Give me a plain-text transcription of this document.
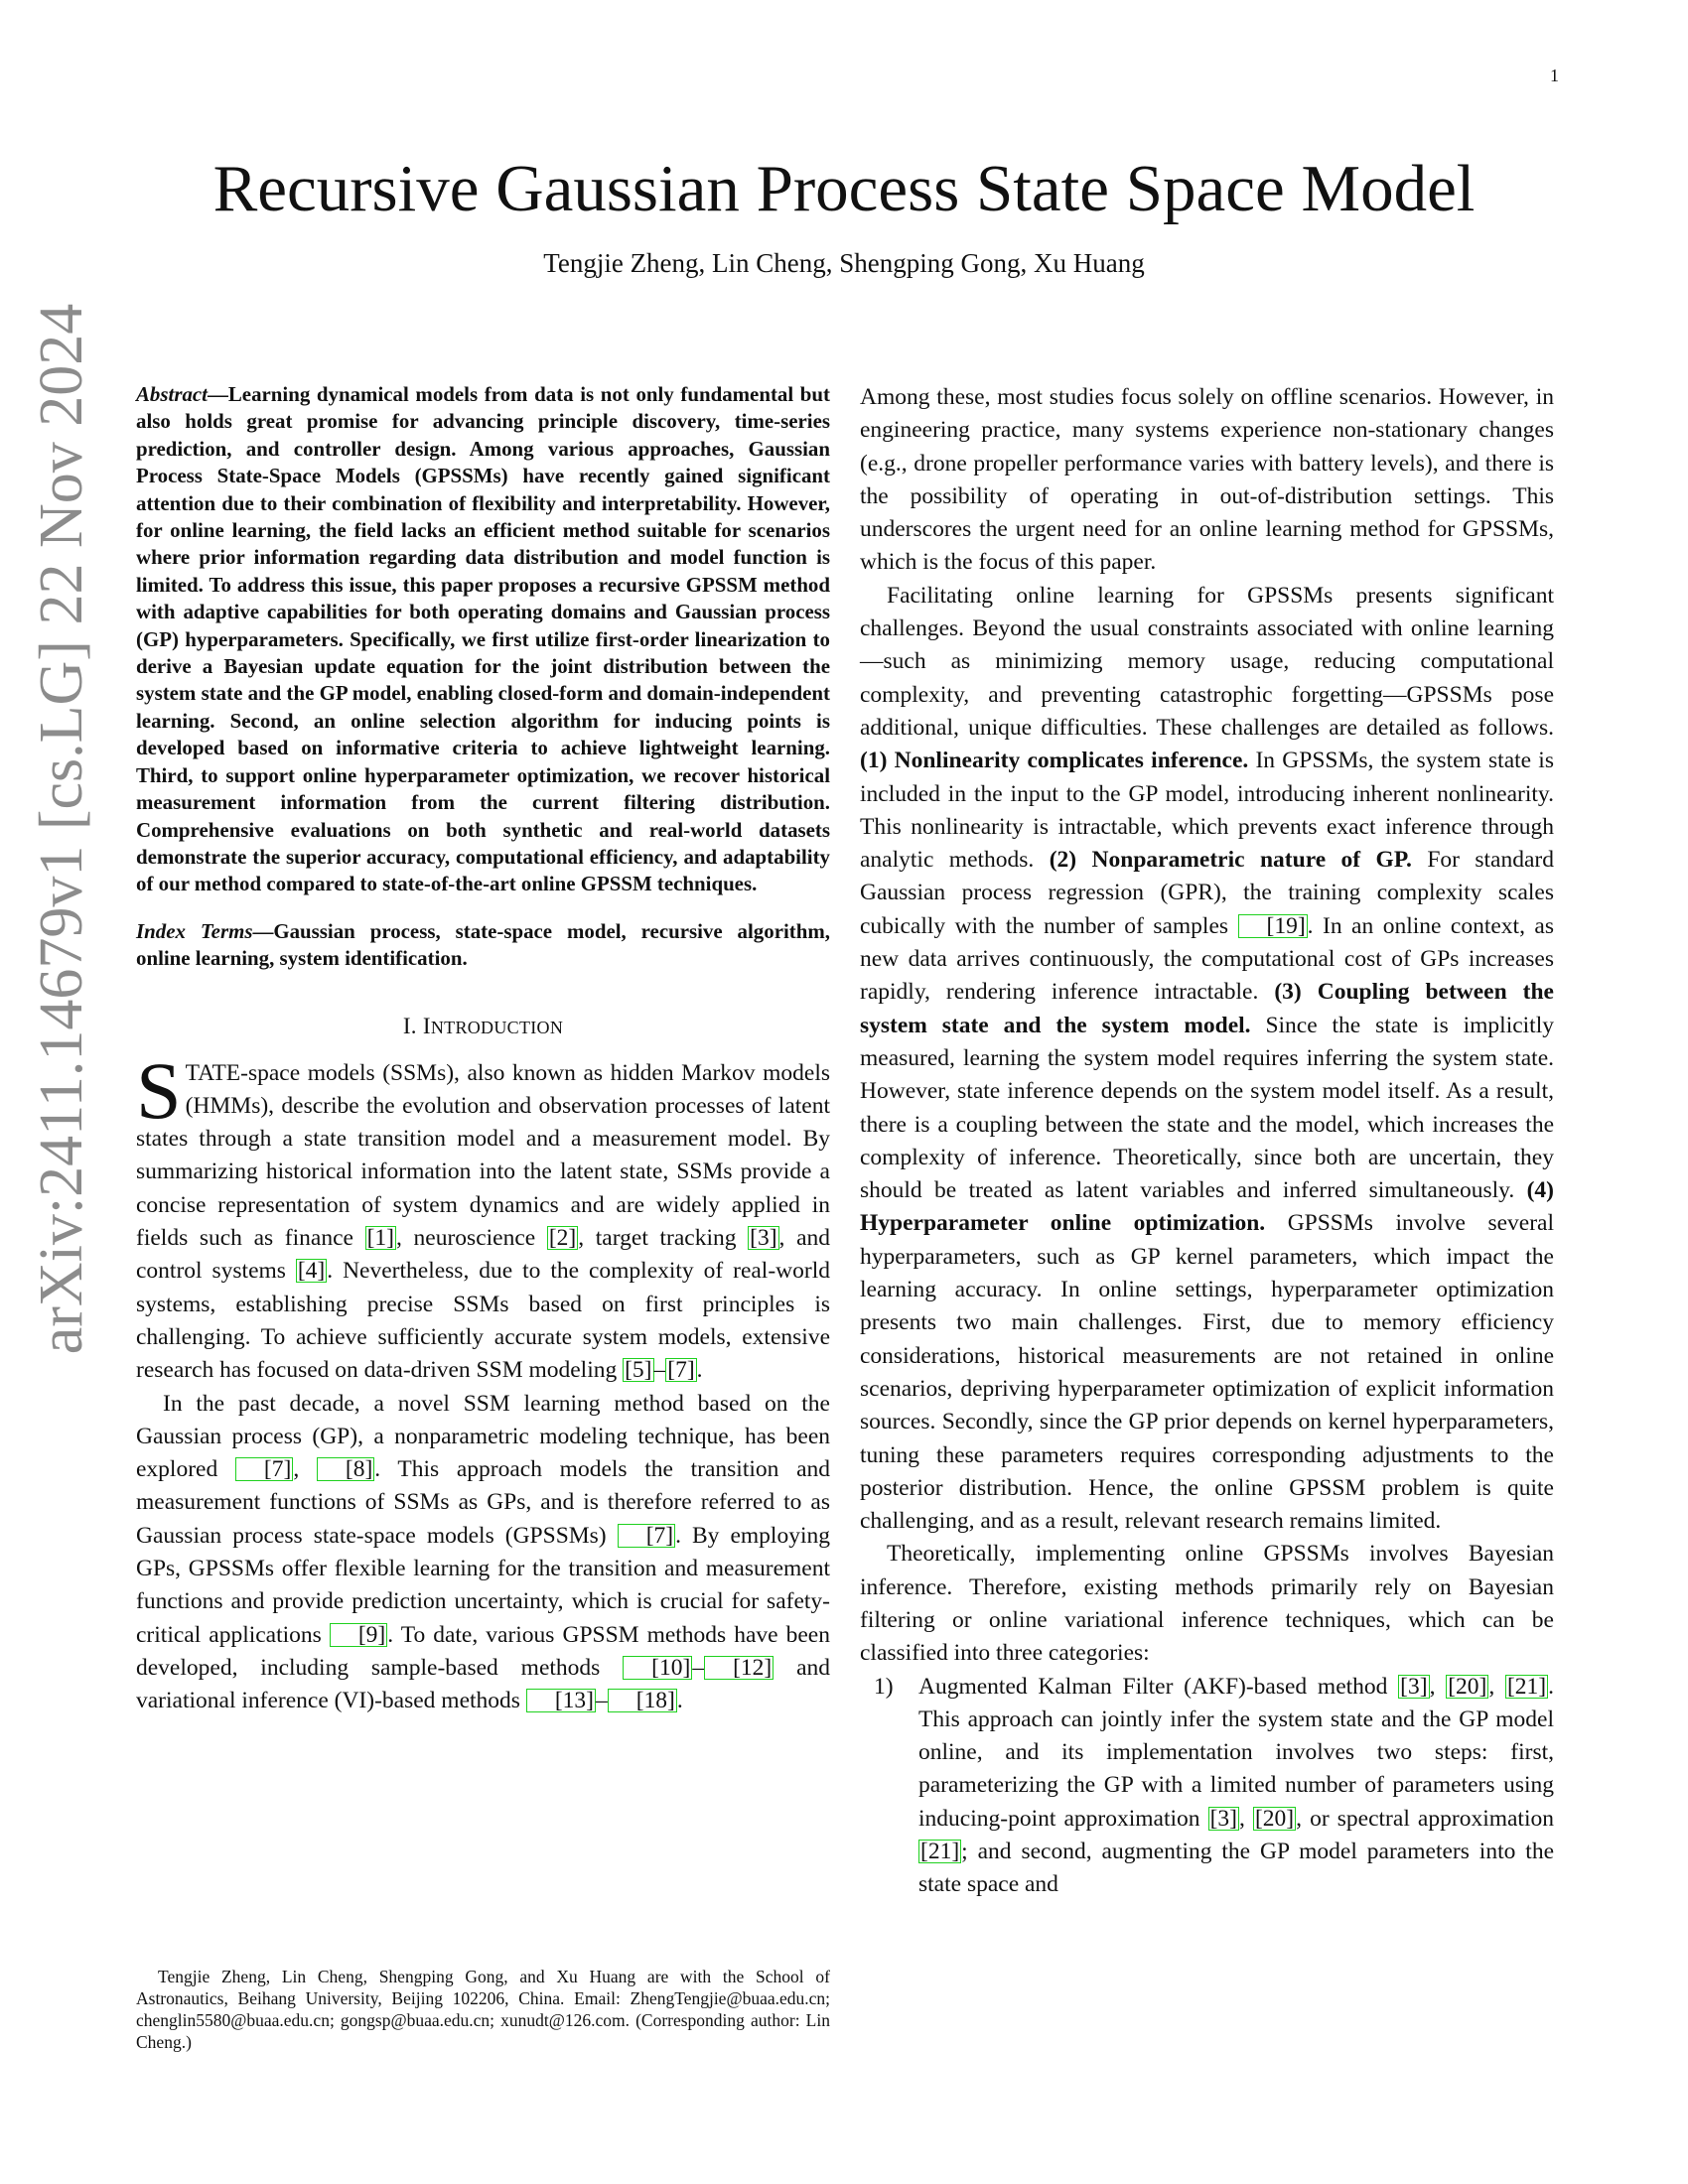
1
arXiv:2411.14679v1 [cs.LG] 22 Nov 2024
Recursive Gaussian Process State Space Model
Tengjie Zheng, Lin Cheng, Shengping Gong, Xu Huang

Abstract—Learning dynamical models from data is not only fundamental but also holds great promise for advancing principle discovery, time-series prediction, and controller design. Among various approaches, Gaussian Process State-Space Models (GPSSMs) have recently gained significant attention due to their combination of flexibility and interpretability. However, for online learning, the field lacks an efficient method suitable for scenarios where prior information regarding data distribution and model function is limited. To address this issue, this paper proposes a recursive GPSSM method with adaptive capabilities for both operating domains and Gaussian process (GP) hyperparameters. Specifically, we first utilize first-order linearization to derive a Bayesian update equation for the joint distribution between the system state and the GP model, enabling closed-form and domain-independent learning. Second, an online selection algorithm for inducing points is developed based on informative criteria to achieve lightweight learning. Third, to support online hyperparameter optimization, we recover historical measurement information from the current filtering distribution. Comprehensive evaluations on both synthetic and real-world datasets demonstrate the superior accuracy, computational efficiency, and adaptability of our method compared to state-of-the-art online GPSSM techniques.

Index Terms—Gaussian process, state-space model, recursive algorithm, online learning, system identification.

I. INTRODUCTION

STATE-space models (SSMs), also known as hidden Markov models (HMMs), describe the evolution and observation processes of latent states through a state transition model and a measurement model. By summarizing historical information into the latent state, SSMs provide a concise representation of system dynamics and are widely applied in fields such as finance [1], neuroscience [2], target tracking [3], and control systems [4]. Nevertheless, due to the complexity of real-world systems, establishing precise SSMs based on first principles is challenging. To achieve sufficiently accurate system models, extensive research has focused on data-driven SSM modeling [5]–[7].

In the past decade, a novel SSM learning method based on the Gaussian process (GP), a nonparametric modeling technique, has been explored [7], [8]. This approach models the transition and measurement functions of SSMs as GPs, and is therefore referred to as Gaussian process state-space models (GPSSMs) [7]. By employing GPs, GPSSMs offer flexible learning for the transition and measurement functions and provide prediction uncertainty, which is crucial for safety-critical applications [9]. To date, various GPSSM methods have been developed, including sample-based methods [10]– [12] and variational inference (VI)-based methods [13]– [18].

Tengjie Zheng, Lin Cheng, Shengping Gong, and Xu Huang are with the School of Astronautics, Beihang University, Beijing 102206, China. Email: ZhengTengjie@buaa.edu.cn; chenglin5580@buaa.edu.cn; gongsp@buaa.edu.cn; xunudt@126.com. (Corresponding author: Lin Cheng.)

Among these, most studies focus solely on offline scenarios. However, in engineering practice, many systems experience non-stationary changes (e.g., drone propeller performance varies with battery levels), and there is the possibility of operating in out-of-distribution settings. This underscores the urgent need for an online learning method for GPSSMs, which is the focus of this paper.

Facilitating online learning for GPSSMs presents significant challenges. Beyond the usual constraints associated with online learning—such as minimizing memory usage, reducing computational complexity, and preventing catastrophic forgetting—GPSSMs pose additional, unique difficulties. These challenges are detailed as follows. (1) Nonlinearity complicates inference. In GPSSMs, the system state is included in the input to the GP model, introducing inherent nonlinearity. This nonlinearity is intractable, which prevents exact inference through analytic methods. (2) Nonparametric nature of GP. For standard Gaussian process regression (GPR), the training complexity scales cubically with the number of samples [19]. In an online context, as new data arrives continuously, the computational cost of GPs increases rapidly, rendering inference intractable. (3) Coupling between the system state and the system model. Since the state is implicitly measured, learning the system model requires inferring the system state. However, state inference depends on the system model itself. As a result, there is a coupling between the state and the model, which increases the complexity of inference. Theoretically, since both are uncertain, they should be treated as latent variables and inferred simultaneously. (4) Hyperparameter online optimization. GPSSMs involve several hyperparameters, such as GP kernel parameters, which impact the learning accuracy. In online settings, hyperparameter optimization presents two main challenges. First, due to memory efficiency considerations, historical measurements are not retained in online scenarios, depriving hyperparameter optimization of explicit information sources. Secondly, since the GP prior depends on kernel hyperparameters, tuning these parameters requires corresponding adjustments to the posterior distribution. Hence, the online GPSSM problem is quite challenging, and as a result, relevant research remains limited.

Theoretically, implementing online GPSSMs involves Bayesian inference. Therefore, existing methods primarily rely on Bayesian filtering or online variational inference techniques, which can be classified into three categories:

1) Augmented Kalman Filter (AKF)-based method [3], [20], [21]. This approach can jointly infer the system state and the GP model online, and its implementation involves two steps: first, parameterizing the GP with a limited number of parameters using inducing-point approximation [3], [20], or spectral approximation [21]; and second, augmenting the GP model parameters into the state space and
